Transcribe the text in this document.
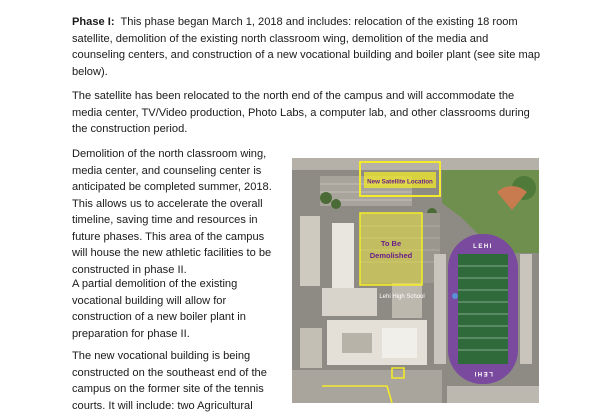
Phase I: This phase began March 1, 2018 and includes: relocation of the existing 18 room satellite, demolition of the existing north classroom wing, demolition of the media and counseling centers, and construction of a new vocational building and boiler plant (see site map below).

The satellite has been relocated to the north end of the campus and will accommodate the media center, TV/Video production, Photo Labs, a computer lab, and other classrooms during the construction period.

Demolition of the north classroom wing,
media center, and counseling center is
anticipated be completed summer, 2018.
This allows us to accelerate the overall
timeline, saving time and resources in
future phases. This area of the campus
will house the new athletic facilities to be
constructed in phase II.
A partial demolition of the existing
vocational building will allow for
construction of a new boiler plant in
preparation for phase II.
The new vocational building is being
constructed on the southeast end of the
campus on the former site of the tennis
courts. It will include: two Agricultural
New Satellite Location
To Be
Demolished
Lehi High School
LEHI
LEHI
